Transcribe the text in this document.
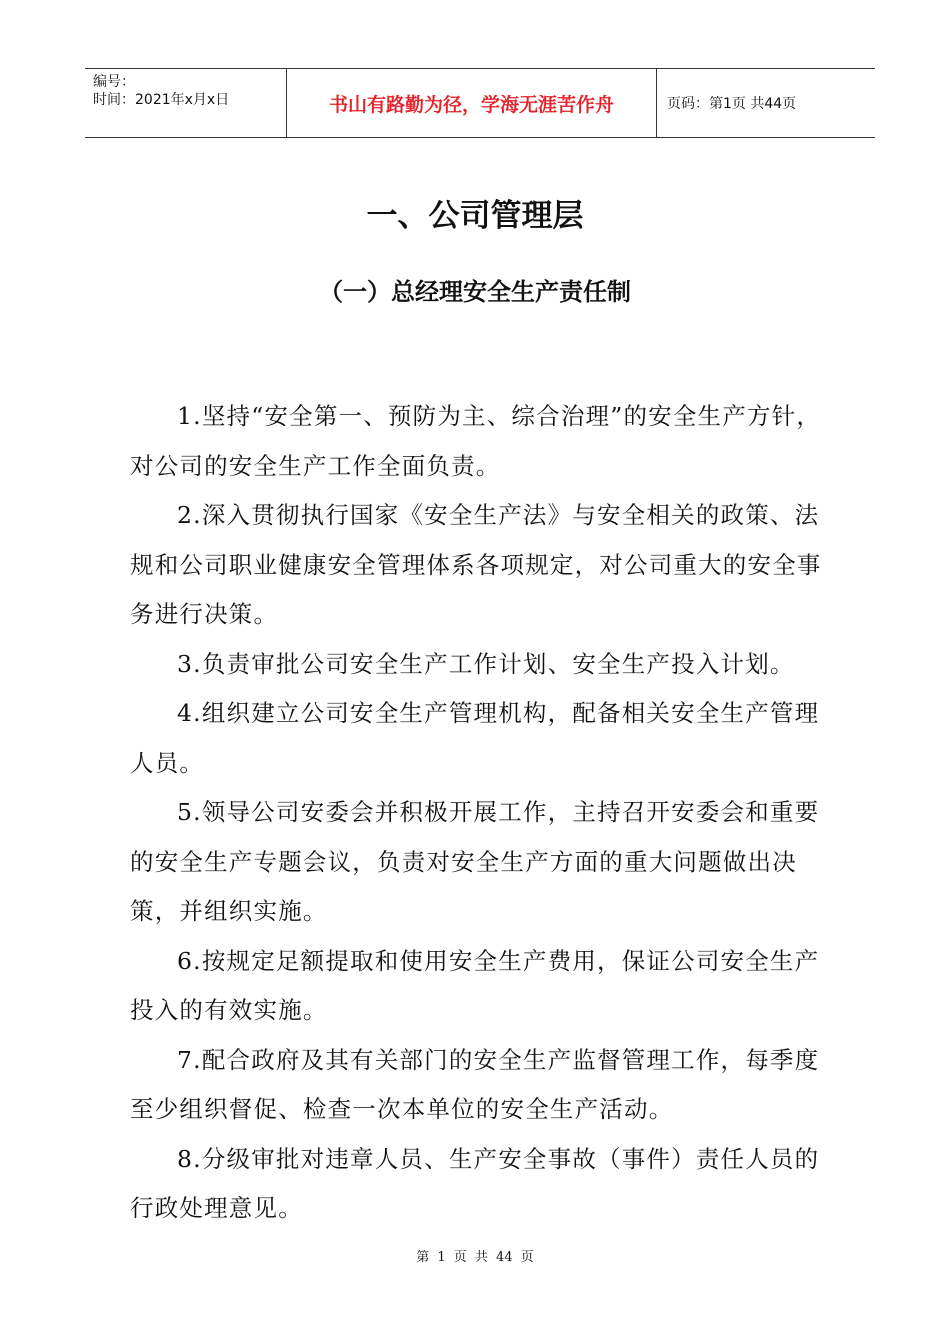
编号：
时间：2021年x月x日	书山有路勤为径，学海无涯苦作舟	页码：第1页 共44页
一、公司管理层
（一）总经理安全生产责任制

1.坚持“安全第一、预防为主、综合治理”的安全生产方针，对公司的安全生产工作全面负责。

2.深入贯彻执行国家《安全生产法》与安全相关的政策、法规和公司职业健康安全管理体系各项规定，对公司重大的安全事务进行决策。

3.负责审批公司安全生产工作计划、安全生产投入计划。

4.组织建立公司安全生产管理机构，配备相关安全生产管理人员。

5.领导公司安委会并积极开展工作，主持召开安委会和重要的安全生产专题会议，负责对安全生产方面的重大问题做出决策，并组织实施。

6.按规定足额提取和使用安全生产费用，保证公司安全生产投入的有效实施。

7.配合政府及其有关部门的安全生产监督管理工作，每季度至少组织督促、检查一次本单位的安全生产活动。

8.分级审批对违章人员、生产安全事故（事件）责任人员的行政处理意见。

第 1 页 共 44 页
